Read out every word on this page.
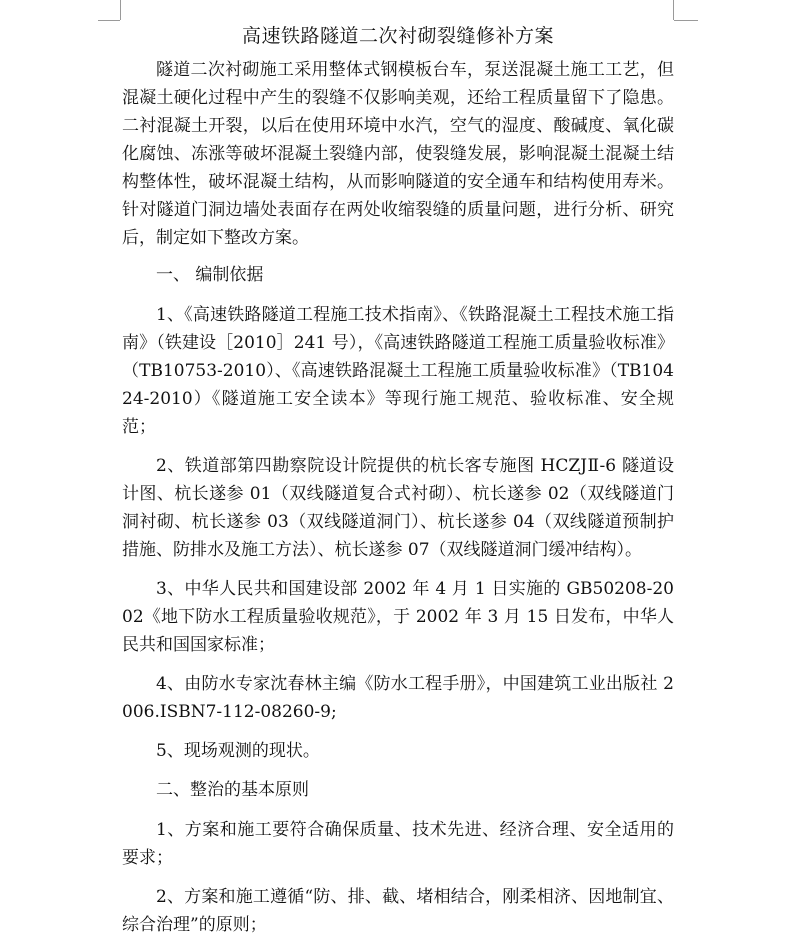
高速铁路隧道二次衬砌裂缝修补方案

隧道二次衬砌施工采用整体式钢模板台车，泵送混凝土施工工艺，但混凝土硬化过程中产生的裂缝不仅影响美观，还给工程质量留下了隐患。二衬混凝土开裂，以后在使用环境中水汽，空气的湿度、酸碱度、氧化碳化腐蚀、冻涨等破坏混凝土裂缝内部，使裂缝发展，影响混凝土混凝土结构整体性，破坏混凝土结构，从而影响隧道的安全通车和结构使用寿米。针对隧道门洞边墙处表面存在两处收缩裂缝的质量问题，进行分析、研究后，制定如下整改方案。

一、 编制依据

1、《高速铁路隧道工程施工技术指南》、《铁路混凝土工程技术施工指南》（铁建设［2010］241 号），《高速铁路隧道工程施工质量验收标准》（TB10753-2010）、《高速铁路混凝土工程施工质量验收标准》（TB10424-2010）《隧道施工安全读本》等现行施工规范、验收标准、安全规范；

2、铁道部第四勘察院设计院提供的杭长客专施图 HCZJⅡ-6 隧道设计图、杭长遂参 01（双线隧道复合式衬砌）、杭长遂参 02（双线隧道门洞衬砌、杭长遂参 03（双线隧道洞门）、杭长遂参 04（双线隧道预制护措施、防排水及施工方法）、杭长遂参 07（双线隧道洞门缓冲结构）。

3、中华人民共和国建设部 2002 年 4 月 1 日实施的 GB50208-2002《地下防水工程质量验收规范》，于 2002 年 3 月 15 日发布，中华人民共和国国家标准；

4、由防水专家沈春林主编《防水工程手册》，中国建筑工业出版社 2006.ISBN7-112-08260-9;

5、现场观测的现状。

二、整治的基本原则

1、方案和施工要符合确保质量、技术先进、经济合理、安全适用的要求；

2、方案和施工遵循“防、排、截、堵相结合，刚柔相济、因地制宜、综合治理”的原则；
